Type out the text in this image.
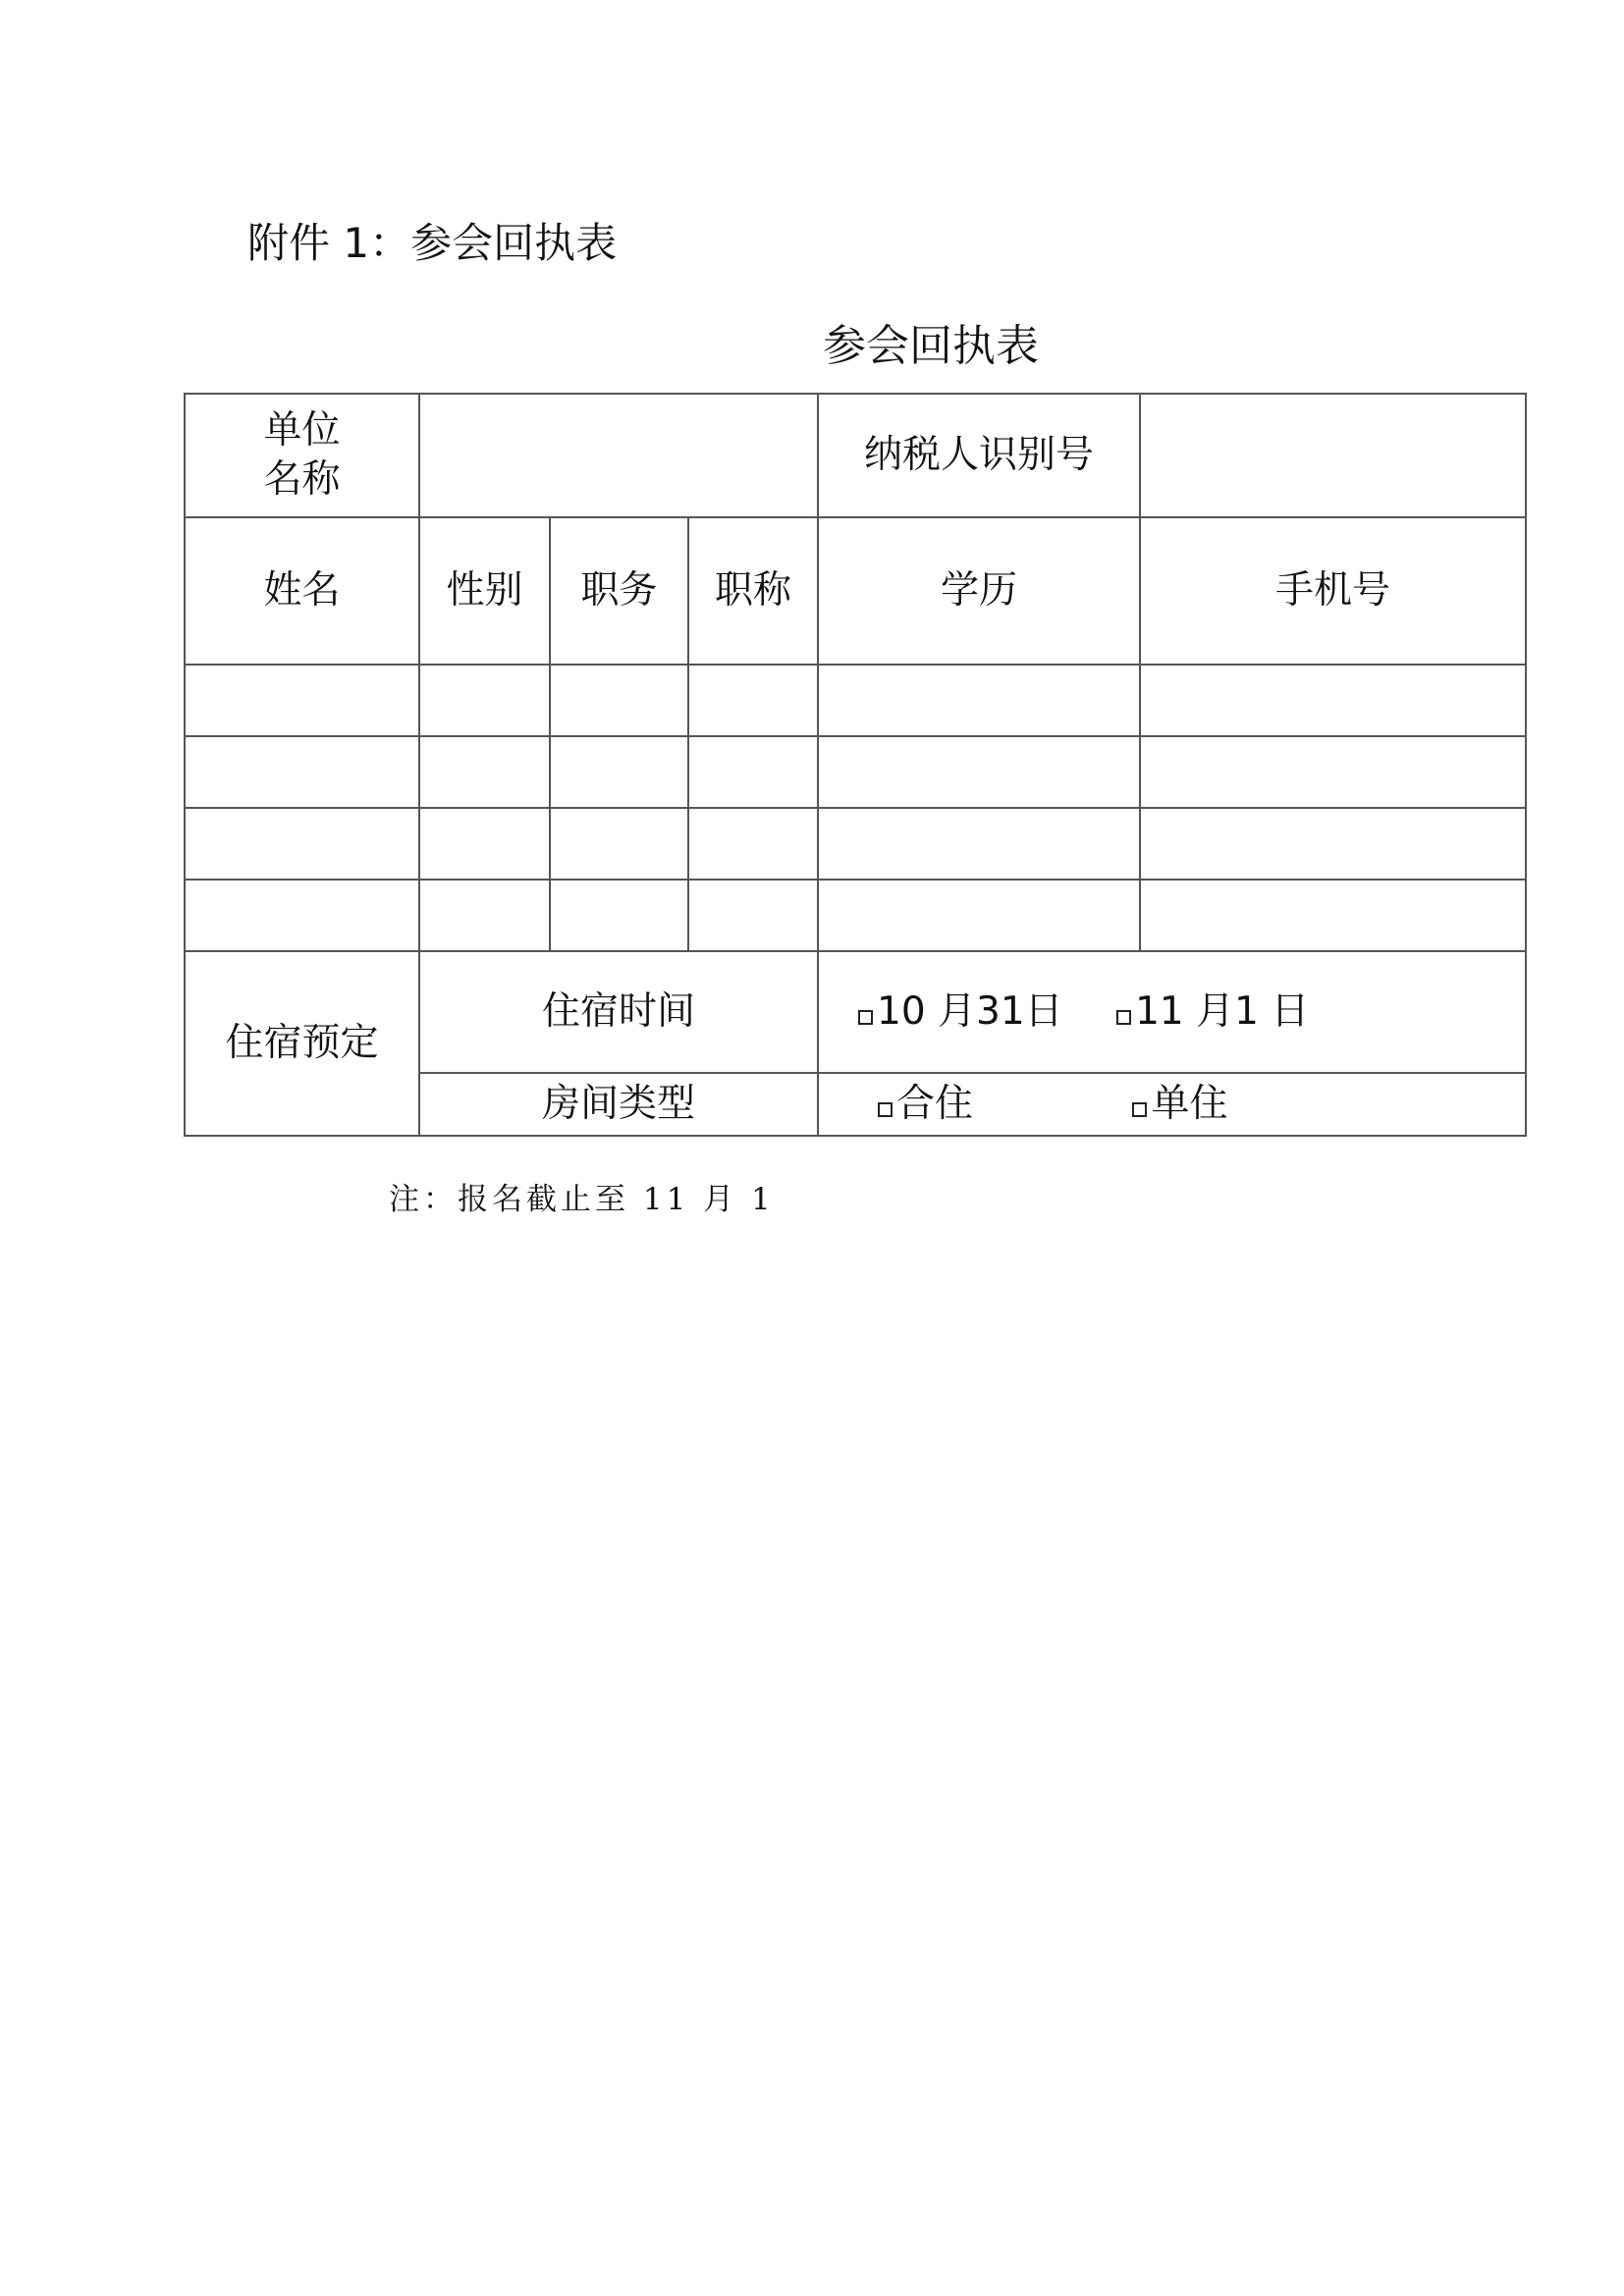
附件 1：参会回执表
参会回执表
单位
名称				纳税人识别号	
姓名	性别	职务	职称	学历	手机号

住宿预定	住宿时间			10 月31日 11 月1 日	
	房间类型			合住 单住	
注：报名截止至 11 月 1
